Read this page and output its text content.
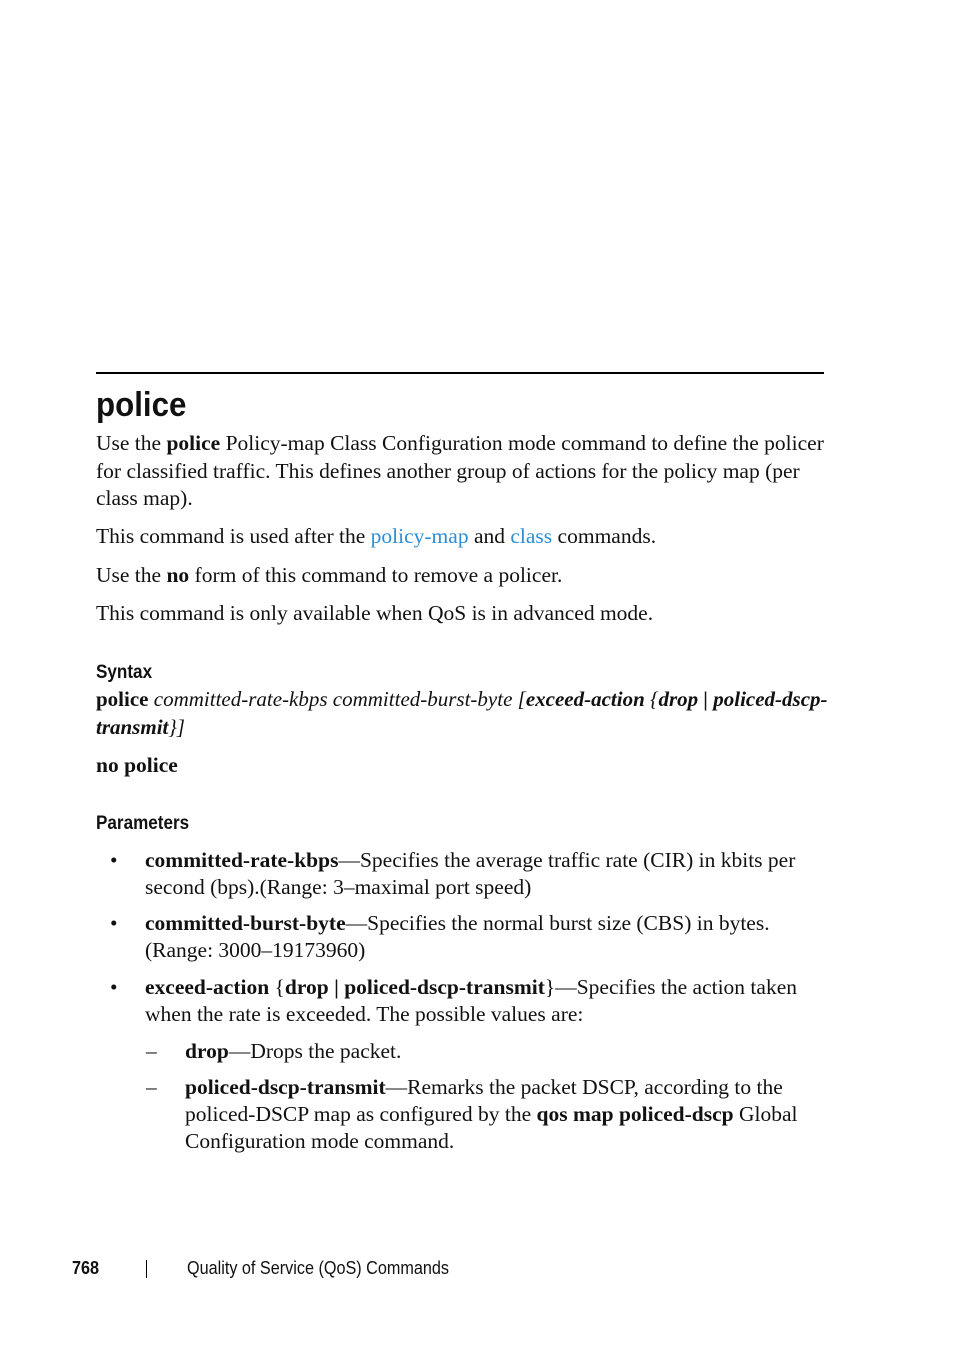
police

Use the police Policy-map Class Configuration mode command to define the policer for classified traffic. This defines another group of actions for the policy map (per class map).

This command is used after the policy-map and class commands.

Use the no form of this command to remove a policer.

This command is only available when QoS is in advanced mode.

Syntax

police committed-rate-kbps committed-burst-byte [exceed-action {drop | policed-dscp-transmit}]

no police

Parameters
• committed-rate-kbps—Specifies the average traffic rate (CIR) in kbits per second (bps).(Range: 3–maximal port speed)

• committed-burst-byte—Specifies the normal burst size (CBS) in bytes. (Range: 3000–19173960)

• exceed-action {drop | policed-dscp-transmit}—Specifies the action taken when the rate is exceeded. The possible values are:

– drop—Drops the packet.

– policed-dscp-transmit—Remarks the packet DSCP, according to the policed-DSCP map as configured by the qos map policed-dscp Global Configuration mode command.

768	Quality of Service (QoS) Commands
